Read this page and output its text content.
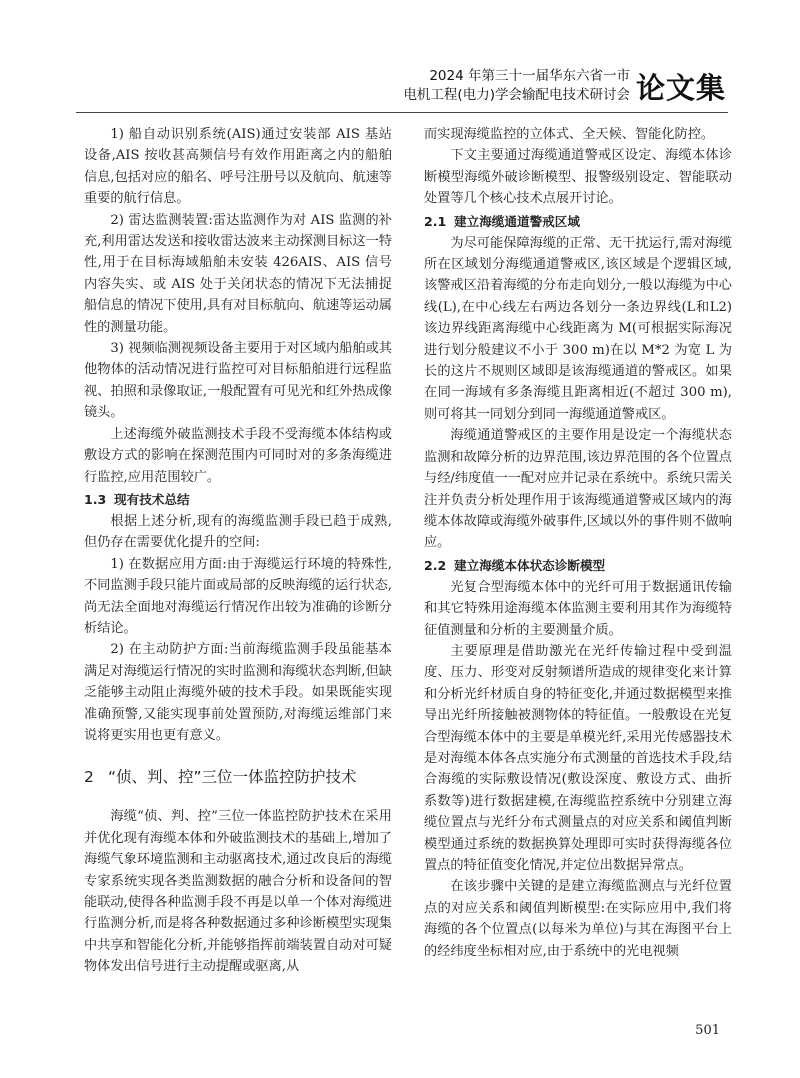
2024 年第三十一届华东六省一市
电机工程(电力)学会输配电技术研讨会 论文集

1) 船自动识别系统(AIS)通过安装部 AIS 基站设备,AIS 按收甚高频信号有效作用距离之内的船舶信息,包括对应的船名、呼号注册号以及航向、航速等重要的航行信息。

2) 雷达监测装置:雷达监测作为对 AIS 监测的补充,利用雷达发送和接收雷达波来主动探测目标这一特性,用于在目标海域船舶未安装 426AIS、AIS 信号内容失实、或 AIS 处于关闭状态的情况下无法捕捉船信息的情况下使用,具有对目标航向、航速等运动属性的测量功能。

3) 视频临测视频设备主要用于对区域内船舶或其他物体的活动情况进行监控可对目标船舶进行远程监视、拍照和录像取证,一般配置有可见光和红外热成像镜头。

上述海缆外破监测技术手段不受海缆本体结构或敷设方式的影响在探测范围内可同时对的多条海缆进行监控,应用范围较广。

1.3 现有技术总结

根据上述分析,现有的海缆监测手段已趋于成熟,但仍存在需要优化提升的空间:

1) 在数据应用方面:由于海缆运行环境的特殊性,不同监测手段只能片面或局部的反映海缆的运行状态,尚无法全面地对海缆运行情况作出较为准确的诊断分析结论。

2) 在主动防护方面:当前海缆监测手段虽能基本满足对海缆运行情况的实时监测和海缆状态判断,但缺乏能够主动阻止海缆外破的技术手段。如果既能实现准确预警,又能实现事前处置预防,对海缆运维部门来说将更实用也更有意义。

2 “侦、判、控”三位一体监控防护技术

海缆“侦、判、控”三位一体监控防护技术在采用并优化现有海缆本体和外破监测技术的基础上,增加了海缆气象环境监测和主动驱离技术,通过改良后的海缆专家系统实现各类监测数据的融合分析和设备间的智能联动,使得各种监测手段不再是以单一个体对海缆进行监测分析,而是将各种数据通过多种诊断模型实现集中共享和智能化分析,并能够指挥前端装置自动对可疑物体发出信号进行主动提醒或驱离,从

而实现海缆监控的立体式、全天候、智能化防控。

下文主要通过海缆通道警戒区设定、海缆本体诊断模型海缆外破诊断模型、报警级别设定、智能联动处置等几个核心技术点展开讨论。

2.1 建立海缆通道警戒区域

为尽可能保障海缆的正常、无干扰运行,需对海缆所在区域划分海缆通道警戒区,该区域是个逻辑区域,该警戒区沿着海缆的分布走向划分,一般以海缆为中心线(L),在中心线左右两边各划分一条边界线(L和L2)该边界线距离海缆中心线距离为 M(可根据实际海况进行划分般建议不小于 300 m)在以 M*2 为宽 L 为长的这片不规则区域即是该海缆通道的警戒区。如果在同一海域有多条海缆且距离相近(不超过 300 m),则可将其一同划分到同一海缆通道警戒区。

海缆通道警戒区的主要作用是设定一个海缆状态监测和故障分析的边界范围,该边界范围的各个位置点与经/纬度值一一配对应并记录在系统中。系统只需关注并负责分析处理作用于该海缆通道警戒区域内的海缆本体故障或海缆外破事件,区域以外的事件则不做响应。

2.2 建立海缆本体状态诊断模型

光复合型海缆本体中的光纤可用于数据通讯传输和其它特殊用途海缆本体监测主要利用其作为海缆特征值测量和分析的主要测量介质。

主要原理是借助激光在光纤传输过程中受到温度、压力、形变对反射频谱所造成的规律变化来计算和分析光纤材质自身的特征变化,并通过数据模型来推导出光纤所接触被测物体的特征值。一般敷设在光复合型海缆本体中的主要是单模光纤,采用光传感器技术是对海缆本体各点实施分布式测量的首选技术手段,结合海缆的实际敷设情况(敷设深度、敷设方式、曲折系数等)进行数据建模,在海缆监控系统中分别建立海缆位置点与光纤分布式测量点的对应关系和阈值判断模型通过系统的数据换算处理即可实时获得海缆各位置点的特征值变化情况,并定位出数据异常点。

在该步骤中关键的是建立海缆监测点与光纤位置点的对应关系和阈值判断模型:在实际应用中,我们将海缆的各个位置点(以每米为单位)与其在海图平台上的经纬度坐标相对应,由于系统中的光电视频

501
